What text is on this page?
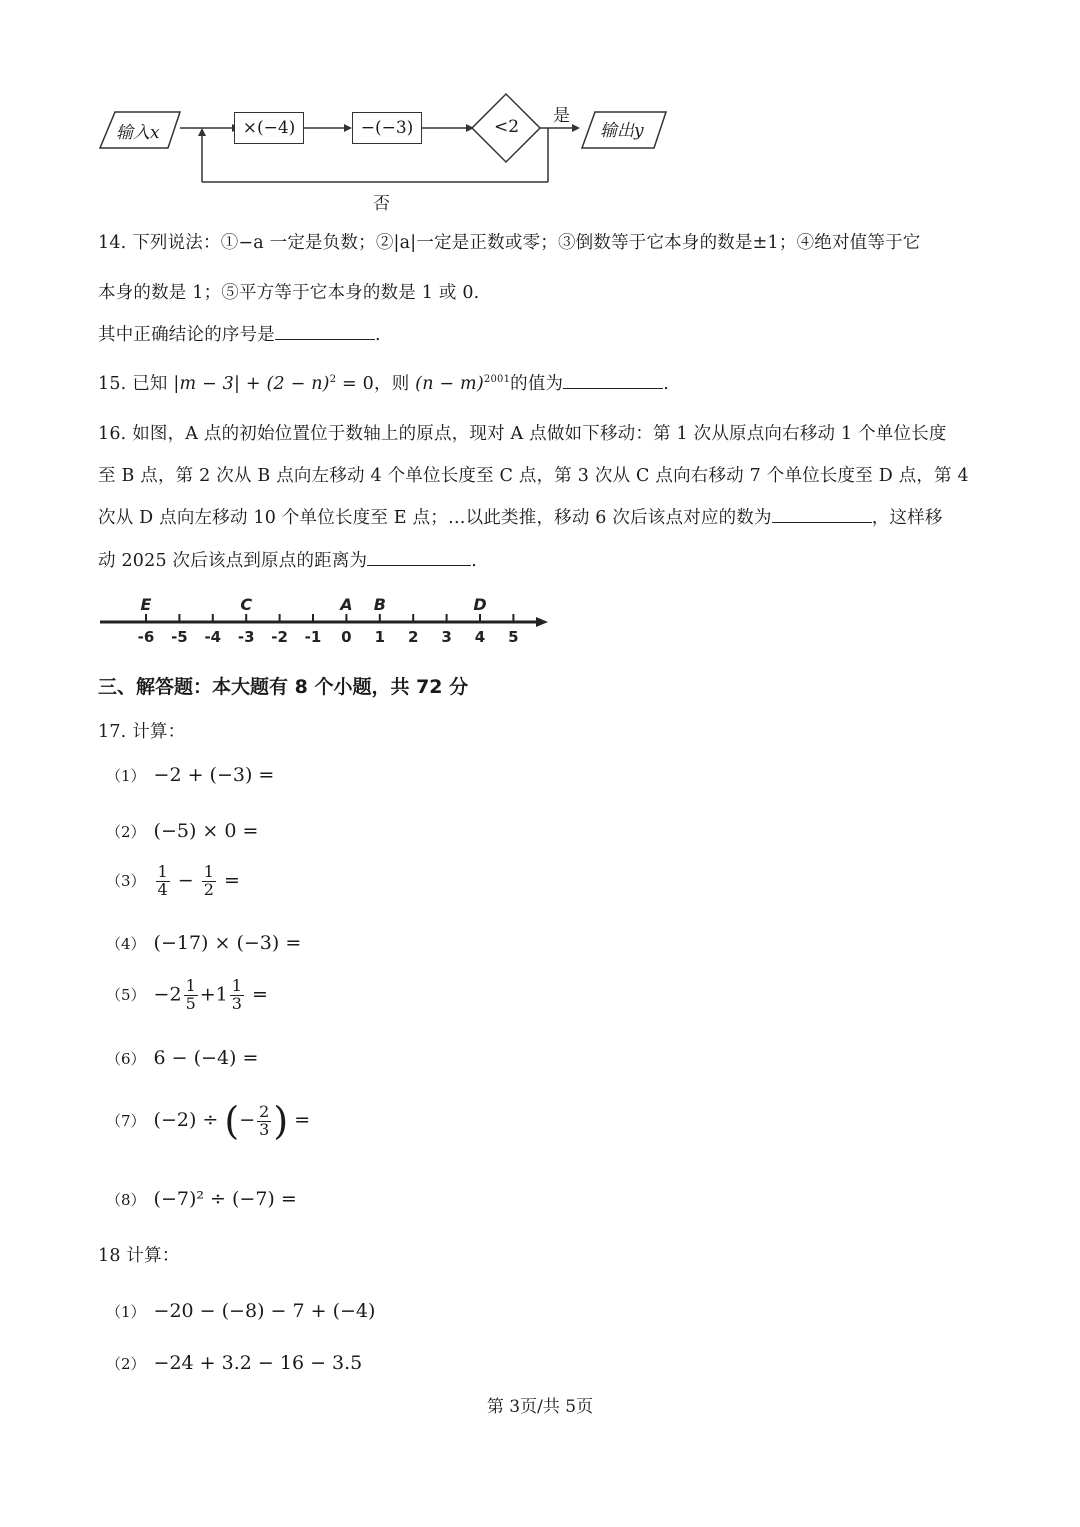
输入x	×(−4)	−(−3)	<2
是
输出y
否
14. 下列说法：①−a 一定是负数；②|a|一定是正数或零；③倒数等于它本身的数是±1；④绝对值等于它
本身的数是 1；⑤平方等于它本身的数是 1 或 0.
其中正确结论的序号是	.
15. 已知 $|m - 3| + (2 - n)^2 = 0$，则 $(n - m)^{2001}$的值为	.
16. 如图，A 点的初始位置位于数轴上的原点，现对 A 点做如下移动：第 1 次从原点向右移动 1 个单位长度
至 B 点，第 2 次从 B 点向左移动 4 个单位长度至 C 点，第 3 次从 C 点向右移动 7 个单位长度至 D 点，第 4
次从 D 点向左移动 10 个单位长度至 E 点；…以此类推，移动 6 次后该点对应的数为	，这样移
动 2025 次后该点到原点的距离为	.
-6 -5 -4 -3 -2 -1 0 1 2 3 4 5
E	C	A B	D
三、解答题：本大题有 8 个小题，共 72 分
17. 计算：
（1） −2 + (−3) =
（2） (−5) × 0 =
$(3) \frac{1}{4} - \frac{1}{2}$ =
（4） (−17) × (−3) =
$(5) -2 \frac{1}{5} +1 \frac{1}{3}$ =
（6） 6 − (−4) =
（7） (−2) ÷ (− $\frac{2}{3}$ ) =
（8） (−7)² ÷ (−7) =
18 计算：
（1） −20 − (−8) − 7 + (−4)
（2） −24 + 3.2 − 16 − 3.5
第 3页/共 5页
